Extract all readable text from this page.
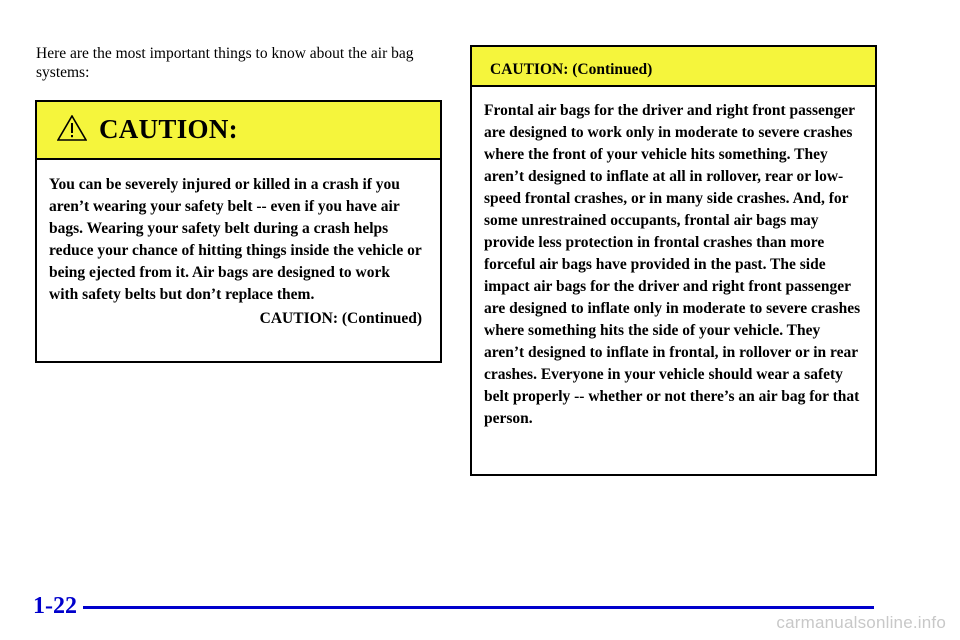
Here are the most important things to know about the air bag systems:
CAUTION:
You can be severely injured or killed in a crash if you aren’t wearing your safety belt -- even if you have air bags. Wearing your safety belt during a crash helps reduce your chance of hitting things inside the vehicle or being ejected from it. Air bags are designed to work with safety belts but don’t replace them.
CAUTION: (Continued)
CAUTION: (Continued)
Frontal air bags for the driver and right front passenger are designed to work only in moderate to severe crashes where the front of your vehicle hits something. They aren’t designed to inflate at all in rollover, rear or low-speed frontal crashes, or in many side crashes. And, for some unrestrained occupants, frontal air bags may provide less protection in frontal crashes than more forceful air bags have provided in the past. The side impact air bags for the driver and right front passenger are designed to inflate only in moderate to severe crashes where something hits the side of your vehicle. They aren’t designed to inflate in frontal, in rollover or in rear crashes. Everyone in your vehicle should wear a safety belt properly -- whether or not there’s an air bag for that person.
1-22
carmanualsonline.info
